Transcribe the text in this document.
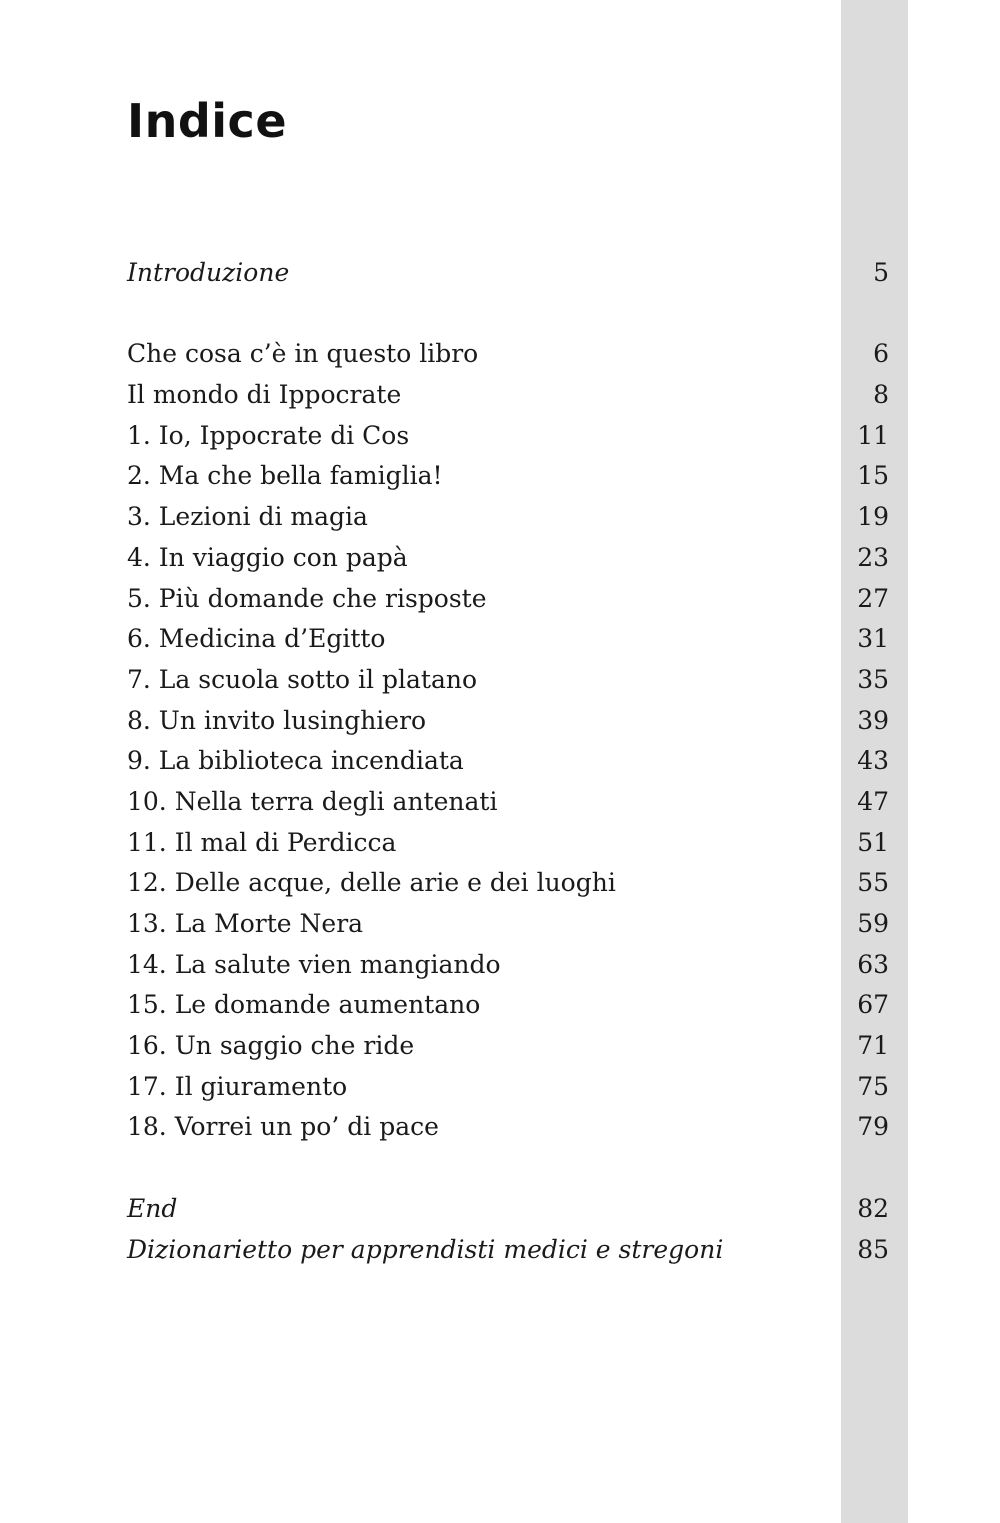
Indice
Introduzione	5
Che cosa c’è in questo libro	6
Il mondo di Ippocrate	8
1. Io, Ippocrate di Cos	11
2. Ma che bella famiglia!	15
3. Lezioni di magia	19
4. In viaggio con papà	23
5. Più domande che risposte	27
6. Medicina d’Egitto	31
7. La scuola sotto il platano	35
8. Un invito lusinghiero	39
9. La biblioteca incendiata	43
10. Nella terra degli antenati	47
11. Il mal di Perdicca	51
12. Delle acque, delle arie e dei luoghi	55
13. La Morte Nera	59
14. La salute vien mangiando	63
15. Le domande aumentano	67
16. Un saggio che ride	71
17. Il giuramento	75
18. Vorrei un po’ di pace	79
End	82
Dizionarietto per apprendisti medici e stregoni	85
